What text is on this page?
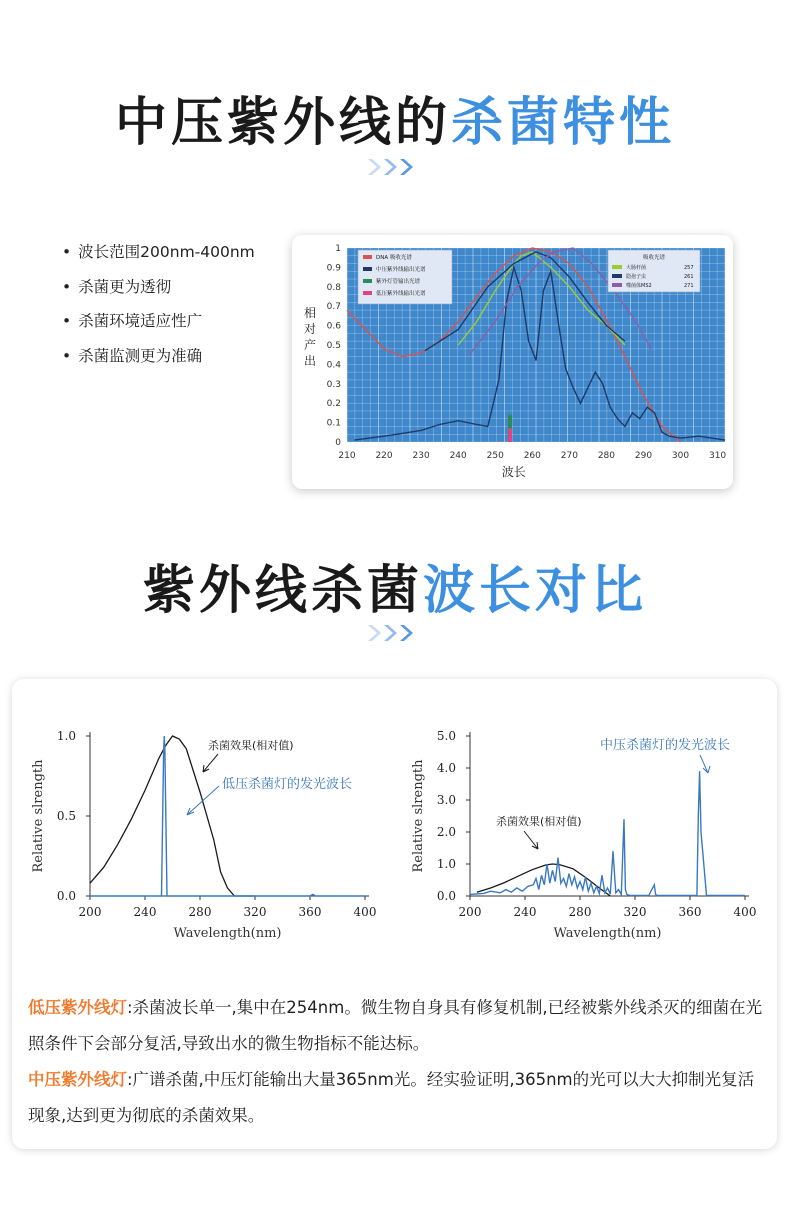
中压紫外线的杀菌特性
• 波长范围200nm-400nm
• 杀菌更为透彻
• 杀菌环境适应性广
• 杀菌监测更为准确
DNA 吸收光谱
中压紫外线输出光谱
紫外灯管输出光谱
低压紫外线输出光谱
吸收光谱
大肠杆菌	257
隐孢子虫	261
噬菌体MS2	271
0
0.1
0.2
0.3
0.4
0.5
0.6
0.7
0.8
0.9
1
210 220 230 240 250 260 270 280 290 300 310
波长
相
对
产
出
紫外线杀菌波长对比
0.0
0.5
1.0
200	240	280	320	360	400
Wavelength(nm)
Relative slrength
杀菌效果(相对值)
低压杀菌灯的发光波长
0.0
1.0
2.0
3.0
4.0
5.0
200	240	280	320	360	400
Wavelength(nm)
Relative slrength	杀菌效果(相对值)
中压杀菌灯的发光波长
低压紫外线灯:杀菌波长单一,集中在254nm。微生物自身具有修复机制,已经被紫外线杀灭的细菌在光照条件下会部分复活,导致出水的微生物指标不能达标。
中压紫外线灯:广谱杀菌,中压灯能输出大量365nm光。经实验证明,365nm的光可以大大抑制光复活现象,达到更为彻底的杀菌效果。
